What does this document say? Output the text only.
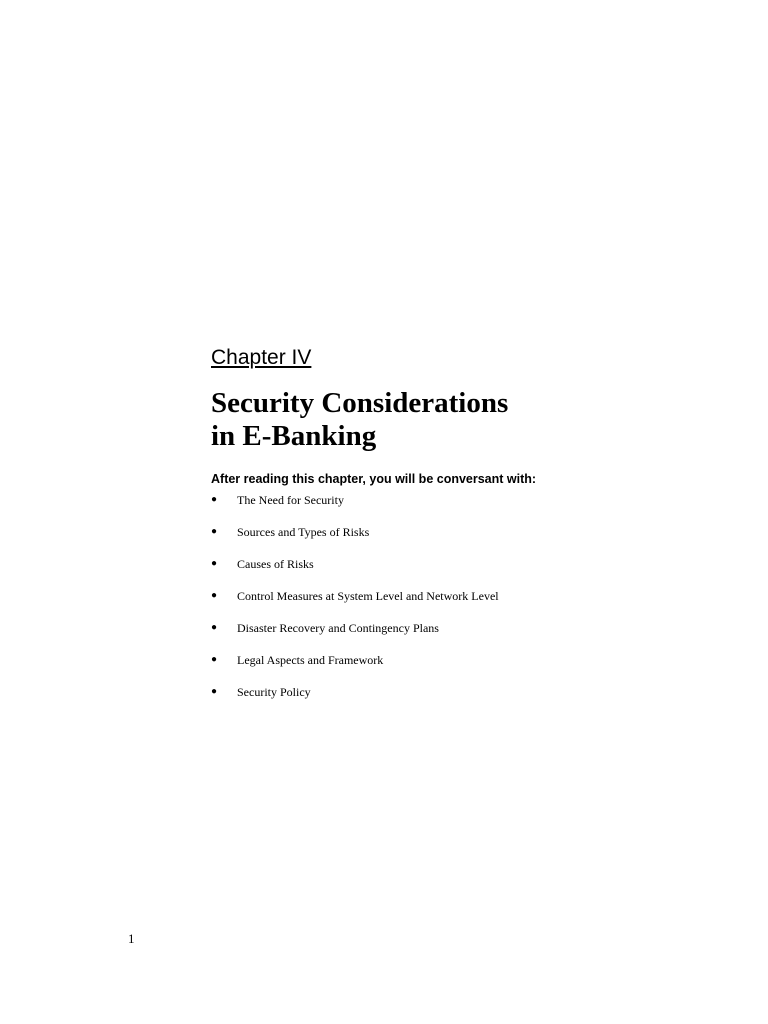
Chapter IV
Security Considerations
in E-Banking
After reading this chapter, you will be conversant with:
●	The Need for Security
●	Sources and Types of Risks
●	Causes of Risks
●	Control Measures at System Level and Network Level
●	Disaster Recovery and Contingency Plans
●	Legal Aspects and Framework
●	Security Policy
1
